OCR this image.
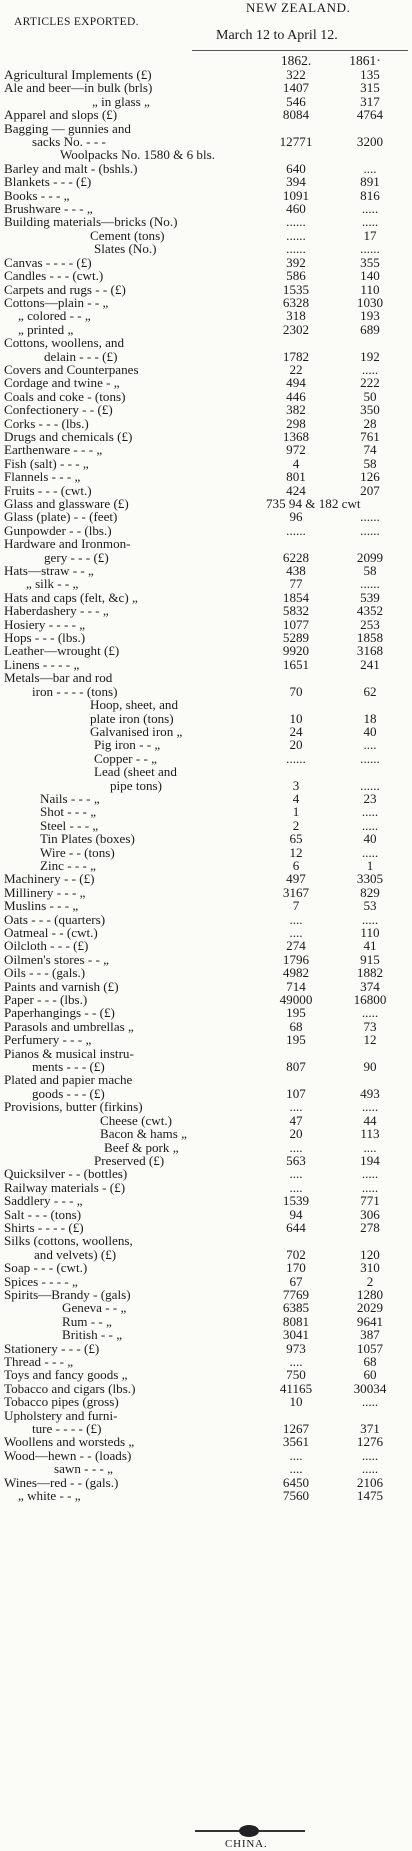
ARTICLES EXPORTED.
NEW ZEALAND.
March 12 to April 12.
1862.	1861·
Agricultural Implements (£)	322	135
Ale and beer—in bulk (brls)	1407	315
„ in glass „	546	317
Apparel and slops (£)	8084	4764
Bagging — gunnies and
sacks No. - - -	12771	3200
Woolpacks No. 1580 & 6 bls.
Barley and malt - (bshls.)	640	....
Blankets - - - (£)	394	891
Books - - - „	1091	816
Brushware - - - „	460	.....
Building materials—bricks (No.)	......	.....
Cement (tons)	......	17
Slates (No.)	......	......
Canvas - - - - (£)	392	355
Candles - - - (cwt.)	586	140
Carpets and rugs - - (£)	1535	110
Cottons—plain - - „	6328	1030
„ colored - - „	318	193
„ printed „	2302	689
Cottons, woollens, and
delain - - - (£)	1782	192
Covers and Counterpanes	22	.....
Cordage and twine - „	494	222
Coals and coke - (tons)	446	50
Confectionery - - (£)	382	350
Corks - - - (lbs.)	298	28
Drugs and chemicals (£)	1368	761
Earthenware - - - „	972	74
Fish (salt) - - - „	4	58
Flannels - - - „	801	126
Fruits - - - (cwt.)	424	207
Glass and glassware (£)	735 94 & 182 cwt
Glass (plate) - - (feet)	96	......
Gunpowder - - (lbs.)	......	......
Hardware and Ironmon-
gery - - - (£)	6228	2099
Hats—straw - - „	438	58
„ silk - - „	77	......
Hats and caps (felt, &c) „	1854	539
Haberdashery - - - „	5832	4352
Hosiery - - - - „	1077	253
Hops - - - (lbs.)	5289	1858
Leather—wrought (£)	9920	3168
Linens - - - - „	1651	241
Metals—bar and rod
iron - - - - (tons)	70	62
Hoop, sheet, and
plate iron (tons)	10	18
Galvanised iron „	24	40
Pig iron - - „	20	....
Copper - - „	......	......
Lead (sheet and
pipe tons)	3	......
Nails - - - „	4	23
Shot - - - „	1	.....
Steel - - - „	2	.....
Tin Plates (boxes)	65	40
Wire - - (tons)	12	.....
Zinc - - - „	6	1
Machinery - - (£)	497	3305
Millinery - - - „	3167	829
Muslins - - - „	7	53
Oats - - - (quarters)	....	.....
Oatmeal - - (cwt.)	....	110
Oilcloth - - - (£)	274	41
Oilmen's stores - - „	1796	915
Oils - - - (gals.)	4982	1882
Paints and varnish (£)	714	374
Paper - - - (lbs.)	49000	16800
Paperhangings - - (£)	195	.....
Parasols and umbrellas „	68	73
Perfumery - - - „	195	12
Pianos & musical instru-
ments - - - (£)	807	90
Plated and papier mache
goods - - - (£)	107	493
Provisions, butter (firkins)	....	.....
Cheese (cwt.)	47	44
Bacon & hams „	20	113
Beef & pork „	....	....
Preserved (£)	563	194
Quicksilver - - (bottles)	....	.....
Railway materials - (£)	....	.....
Saddlery - - - „	1539	771
Salt - - - (tons)	94	306
Shirts - - - - (£)	644	278
Silks (cottons, woollens,
and velvets) (£)	702	120
Soap - - - (cwt.)	170	310
Spices - - - - „	67	2
Spirits—Brandy - (gals)	7769	1280
Geneva - - „	6385	2029
Rum - - „	8081	9641
British - - „	3041	387
Stationery - - - (£)	973	1057
Thread - - - „	....	68
Toys and fancy goods „	750	60
Tobacco and cigars (lbs.)	41165	30034
Tobacco pipes (gross)	10	.....
Upholstery and furni-
ture - - - - (£)	1267	371
Woollens and worsteds „	3561	1276
Wood—hewn - - (loads)	....	.....
sawn - - - „	....	.....
Wines—red - - (gals.)	6450	2106
„ white - - „	7560	1475
CHINA.
